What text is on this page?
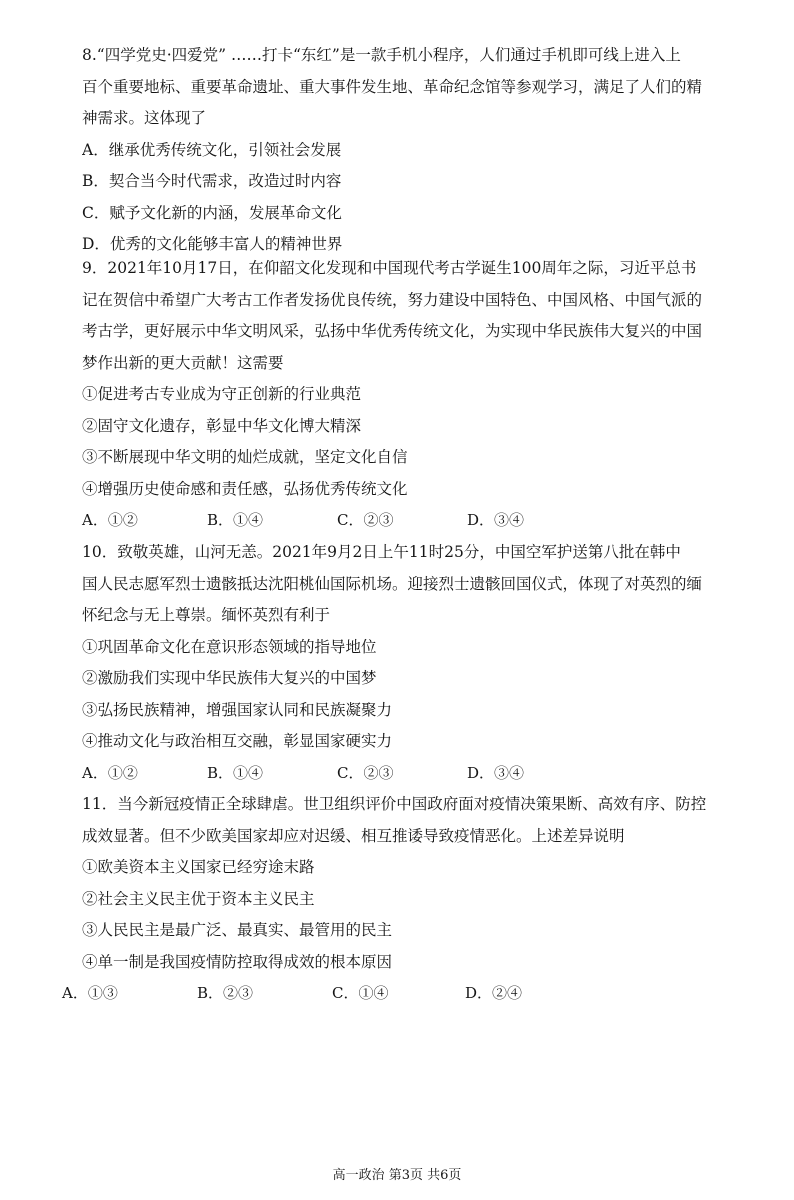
8.“四学党史·四爱党” ……打卡“东红”是一款手机小程序，人们通过手机即可线上进入上
百个重要地标、重要革命遗址、重大事件发生地、革命纪念馆等参观学习，满足了人们的精
神需求。这体现了
A．继承优秀传统文化，引领社会发展
B．契合当今时代需求，改造过时内容
C．赋予文化新的内涵，发展革命文化
D．优秀的文化能够丰富人的精神世界
9．2021年10月17日，在仰韶文化发现和中国现代考古学诞生100周年之际，习近平总书
记在贺信中希望广大考古工作者发扬优良传统，努力建设中国特色、中国风格、中国气派的
考古学，更好展示中华文明风采，弘扬中华优秀传统文化，为实现中华民族伟大复兴的中国
梦作出新的更大贡献！这需要
①促进考古专业成为守正创新的行业典范
②固守文化遗存，彰显中华文化博大精深
③不断展现中华文明的灿烂成就，坚定文化自信
④增强历史使命感和责任感，弘扬优秀传统文化
A．①②	B．①④	C．②③	D．③④
10．致敬英雄，山河无恙。2021年9月2日上午11时25分，中国空军护送第八批在韩中
国人民志愿军烈士遗骸抵达沈阳桃仙国际机场。迎接烈士遗骸回国仪式，体现了对英烈的缅
怀纪念与无上尊崇。缅怀英烈有利于
①巩固革命文化在意识形态领域的指导地位
②激励我们实现中华民族伟大复兴的中国梦
③弘扬民族精神，增强国家认同和民族凝聚力
④推动文化与政治相互交融，彰显国家硬实力
A．①②	B．①④	C．②③	D．③④
11．当今新冠疫情正全球肆虐。世卫组织评价中国政府面对疫情决策果断、高效有序、防控
成效显著。但不少欧美国家却应对迟缓、相互推诿导致疫情恶化。上述差异说明
①欧美资本主义国家已经穷途末路
②社会主义民主优于资本主义民主
③人民民主是最广泛、最真实、最管用的民主
④单一制是我国疫情防控取得成效的根本原因
A．①③	B．②③	C．①④	D．②④
高一政治 第3页 共6页
